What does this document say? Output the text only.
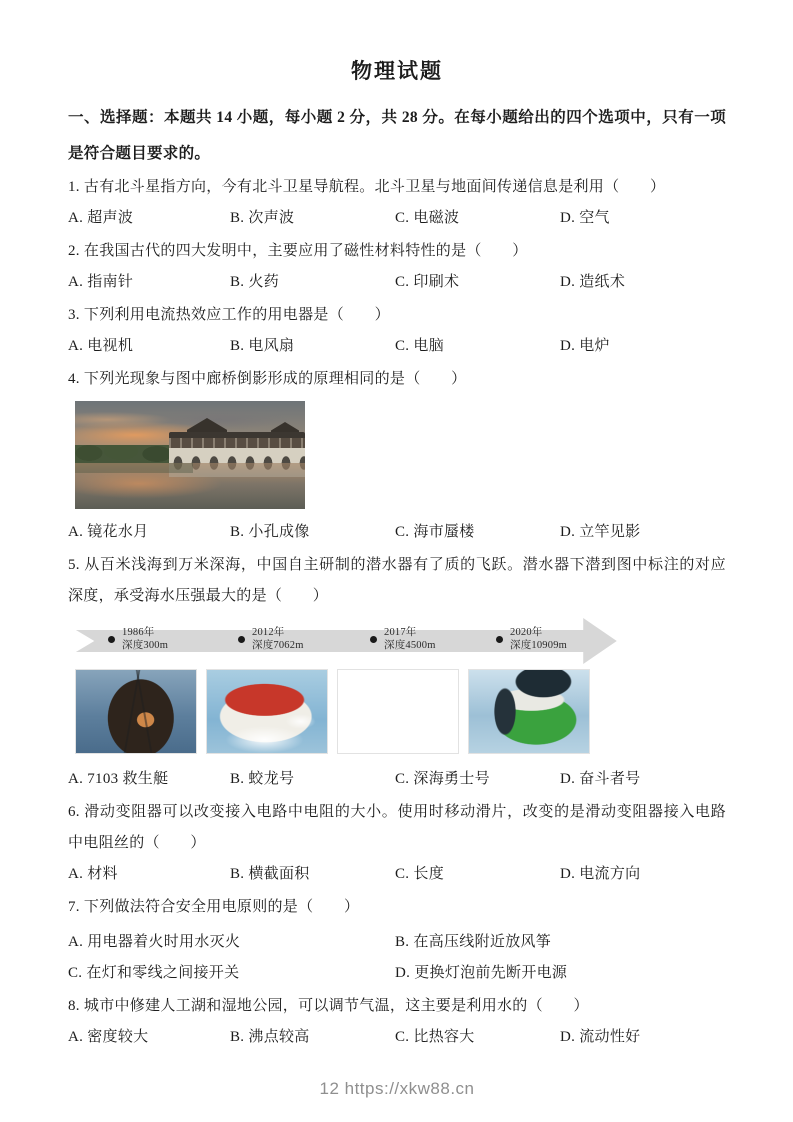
物理试题

一、选择题：本题共 14 小题，每小题 2 分，共 28 分。在每小题给出的四个选项中，只有一项是符合题目要求的。

1. 古有北斗星指方向，今有北斗卫星导航程。北斗卫星与地面间传递信息是利用（　　）

A. 超声波	B. 次声波	C. 电磁波	D. 空气

2. 在我国古代的四大发明中，主要应用了磁性材料特性的是（　　）

A. 指南针	B. 火药	C. 印刷术	D. 造纸术

3. 下列利用电流热效应工作的用电器是（　　）

A. 电视机	B. 电风扇	C. 电脑	D. 电炉

4. 下列光现象与图中廊桥倒影形成的原理相同的是（　　）

A. 镜花水月	B. 小孔成像	C. 海市蜃楼	D. 立竿见影

5. 从百米浅海到万米深海，中国自主研制的潜水器有了质的飞跃。潜水器下潜到图中标注的对应深度，承受海水压强最大的是（　　）

1986年
深度300m
2012年
深度7062m
2017年
深度4500m
2020年
深度10909m
A. 7103 救生艇	B. 蛟龙号	C. 深海勇士号	D. 奋斗者号

6. 滑动变阻器可以改变接入电路中电阻的大小。使用时移动滑片，改变的是滑动变阻器接入电路中电阻丝的（　　）

A. 材料	B. 横截面积	C. 长度	D. 电流方向

7. 下列做法符合安全用电原则的是（　　）

A. 用电器着火时用水灭火	B. 在高压线附近放风筝
C. 在灯和零线之间接开关	D. 更换灯泡前先断开电源

8. 城市中修建人工湖和湿地公园，可以调节气温，这主要是利用水的（　　）

A. 密度较大	B. 沸点较高	C. 比热容大	D. 流动性好
12 https://xkw88.cn
